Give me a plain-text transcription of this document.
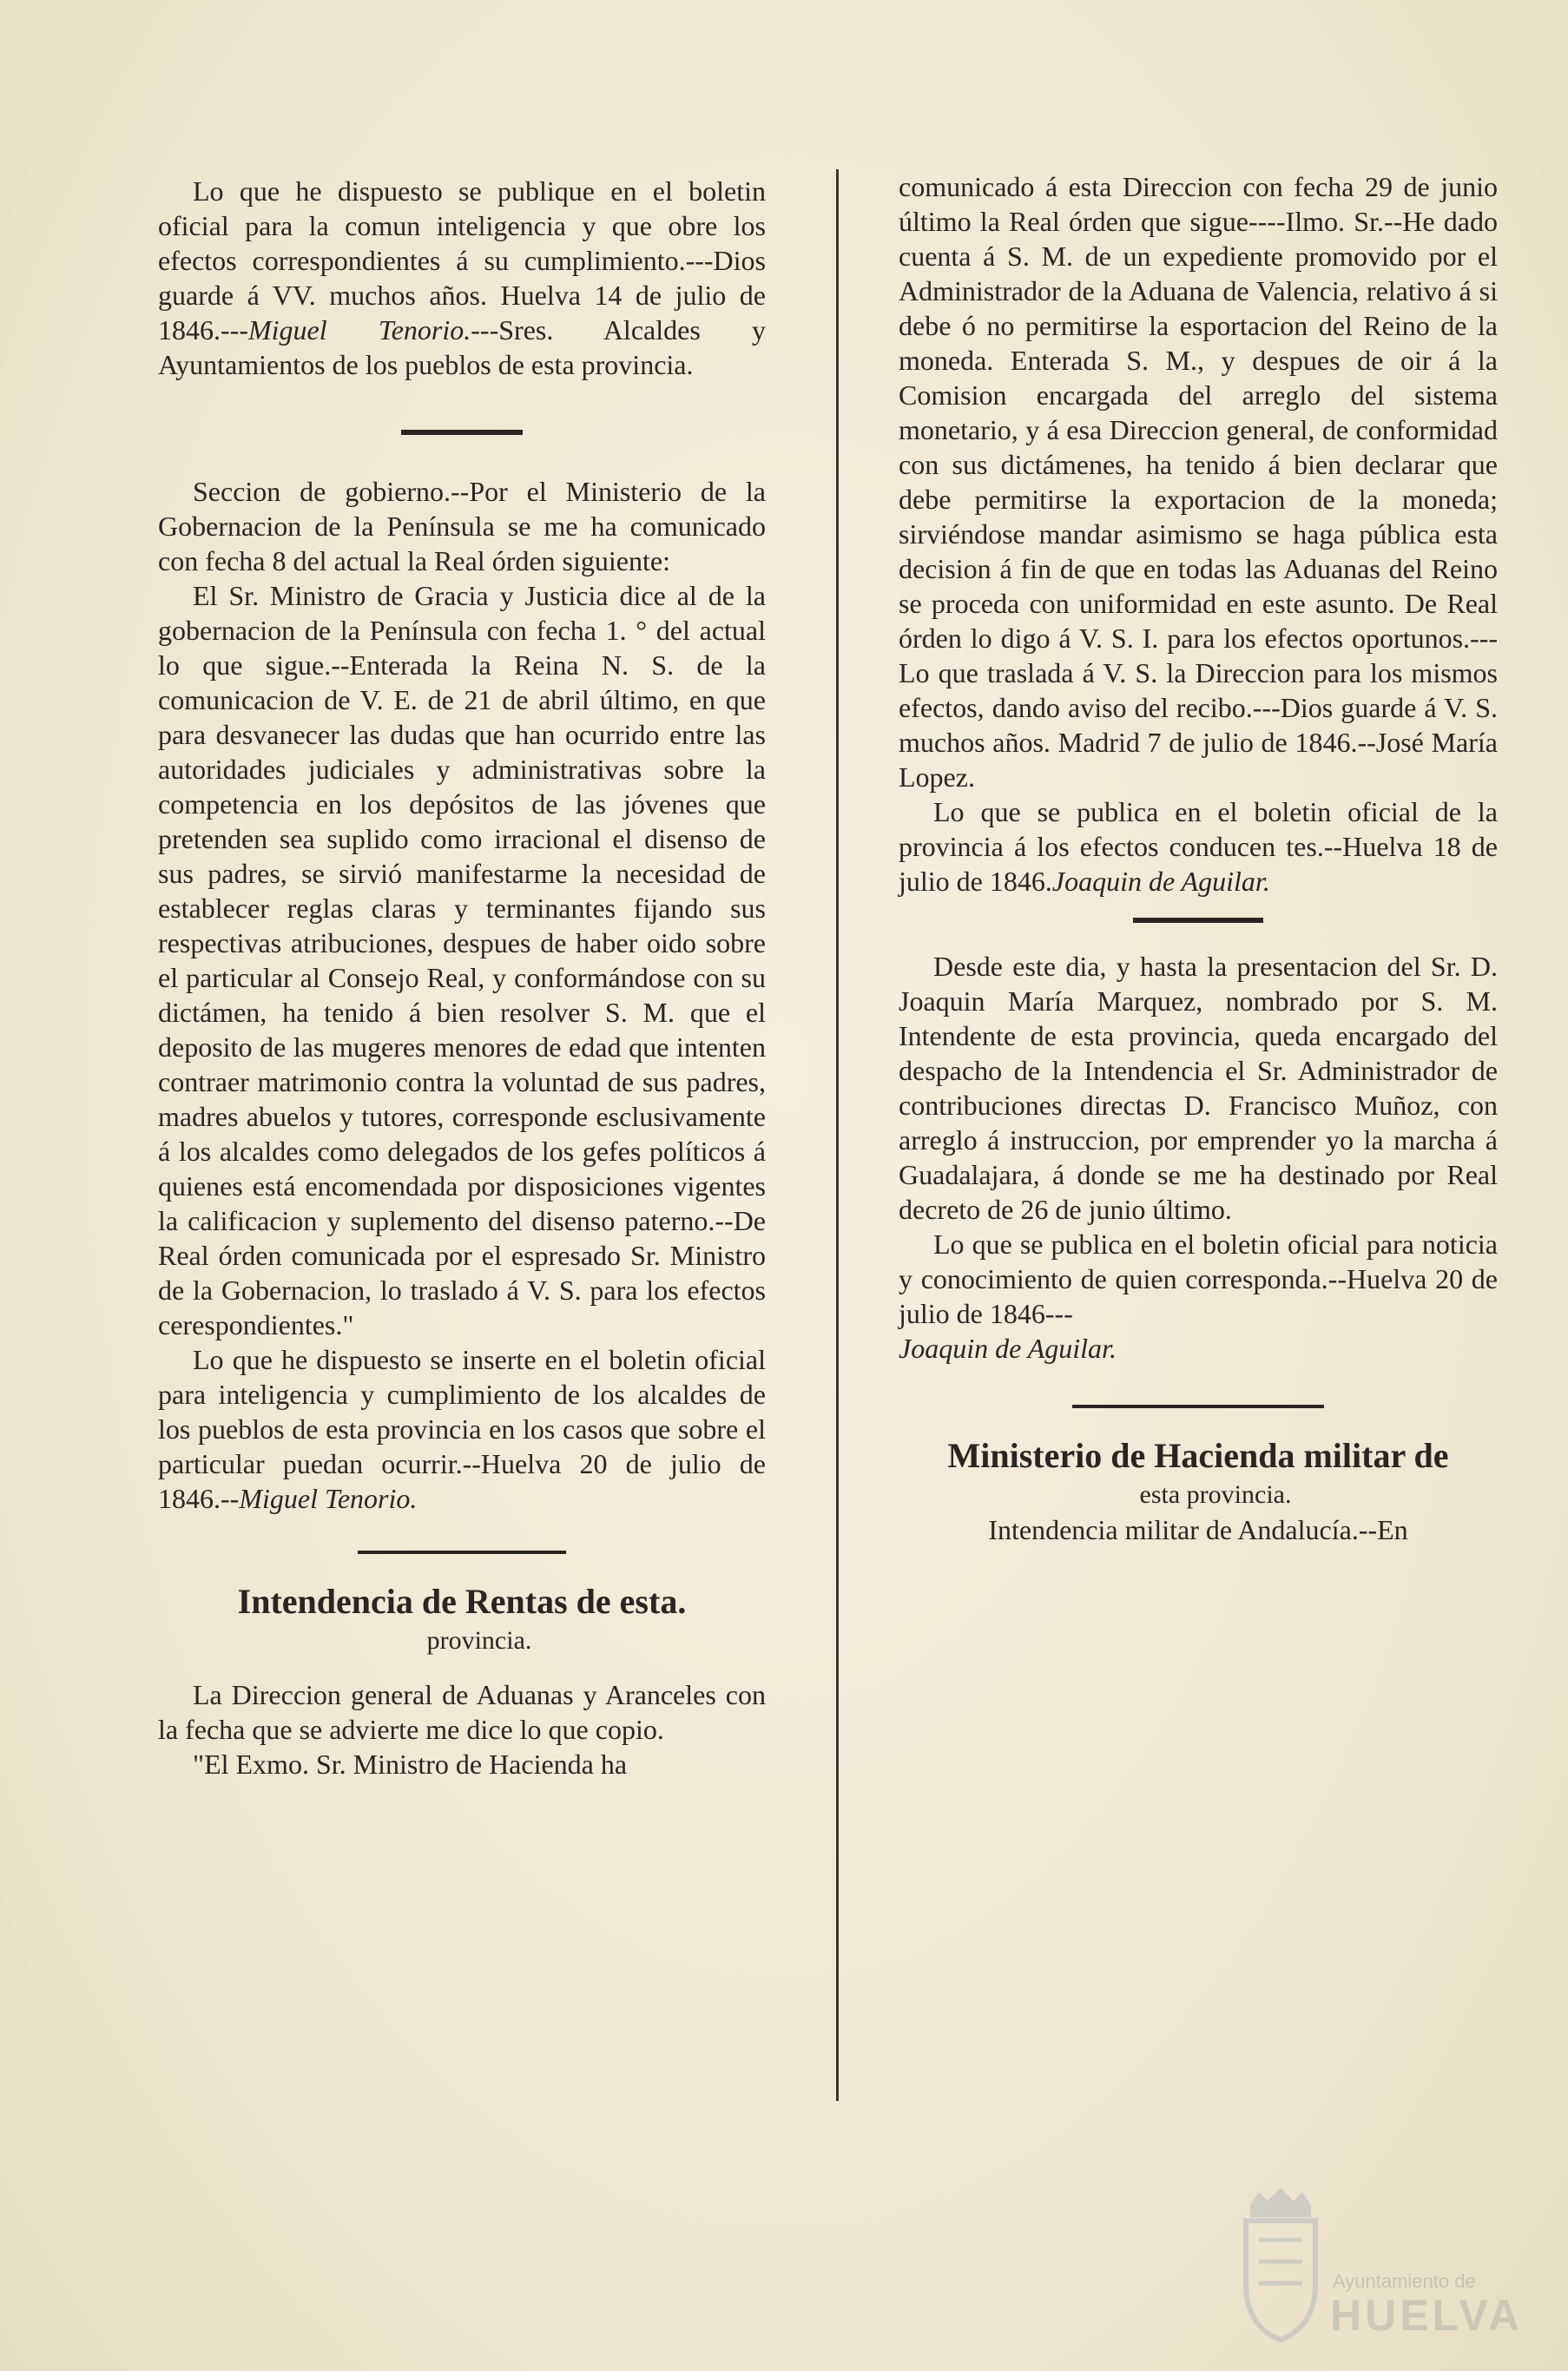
Lo que he dispuesto se publique en el boletin oficial para la comun inteligencia y que obre los efectos correspondientes á su cumplimiento.---Dios guarde á VV. muchos años. Huelva 14 de julio de 1846.---Miguel Tenorio.---Sres. Alcaldes y Ayuntamientos de los pueblos de esta provincia.

Seccion de gobierno.--Por el Ministerio de la Gobernacion de la Península se me ha comunicado con fecha 8 del actual la Real órden siguiente:

El Sr. Ministro de Gracia y Justicia dice al de la gobernacion de la Península con fecha 1. ° del actual lo que sigue.--Enterada la Reina N. S. de la comunicacion de V. E. de 21 de abril último, en que para desvanecer las dudas que han ocurrido entre las autoridades judiciales y administrativas sobre la competencia en los depósitos de las jóvenes que pretenden sea suplido como irracional el disenso de sus padres, se sirvió manifestarme la necesidad de establecer reglas claras y terminantes fijando sus respectivas atribuciones, despues de haber oido sobre el particular al Consejo Real, y conformándose con su dictámen, ha tenido á bien resolver S. M. que el deposito de las mugeres menores de edad que intenten contraer matrimonio contra la voluntad de sus padres, madres abuelos y tutores, corresponde esclusivamente á los alcaldes como delegados de los gefes políticos á quienes está encomendada por disposiciones vigentes la calificacion y suplemento del disenso paterno.--De Real órden comunicada por el espresado Sr. Ministro de la Gobernacion, lo traslado á V. S. para los efectos cerespondientes."

Lo que he dispuesto se inserte en el boletin oficial para inteligencia y cumplimiento de los alcaldes de los pueblos de esta provincia en los casos que sobre el particular puedan ocurrir.--Huelva 20 de julio de 1846.--Miguel Tenorio.

Intendencia de Rentas de esta.

provincia.

La Direccion general de Aduanas y Aranceles con la fecha que se advierte me dice lo que copio.

"El Exmo. Sr. Ministro de Hacienda ha

comunicado á esta Direccion con fecha 29 de junio último la Real órden que sigue----Ilmo. Sr.--He dado cuenta á S. M. de un expediente promovido por el Administrador de la Aduana de Valencia, relativo á si debe ó no permitirse la esportacion del Reino de la moneda. Enterada S. M., y despues de oir á la Comision encargada del arreglo del sistema monetario, y á esa Direccion general, de conformidad con sus dictámenes, ha tenido á bien declarar que debe permitirse la exportacion de la moneda; sirviéndose mandar asimismo se haga pública esta decision á fin de que en todas las Aduanas del Reino se proceda con uniformidad en este asunto. De Real órden lo digo á V. S. I. para los efectos oportunos.---Lo que traslada á V. S. la Direccion para los mismos efectos, dando aviso del recibo.---Dios guarde á V. S. muchos años. Madrid 7 de julio de 1846.--José María Lopez.

Lo que se publica en el boletin oficial de la provincia á los efectos conducen tes.--Huelva 18 de julio de 1846.Joaquin de Aguilar.

Desde este dia, y hasta la presentacion del Sr. D. Joaquin María Marquez, nombrado por S. M. Intendente de esta provincia, queda encargado del despacho de la Intendencia el Sr. Administrador de contribuciones directas D. Francisco Muñoz, con arreglo á instruccion, por emprender yo la marcha á Guadalajara, á donde se me ha destinado por Real decreto de 26 de junio último.

Lo que se publica en el boletin oficial para noticia y conocimiento de quien corresponda.--Huelva 20 de julio de 1846---
Joaquin de Aguilar.

Ministerio de Hacienda militar de

esta provincia.

Intendencia militar de Andalucía.--En

Ayuntamiento de
HUELVA
